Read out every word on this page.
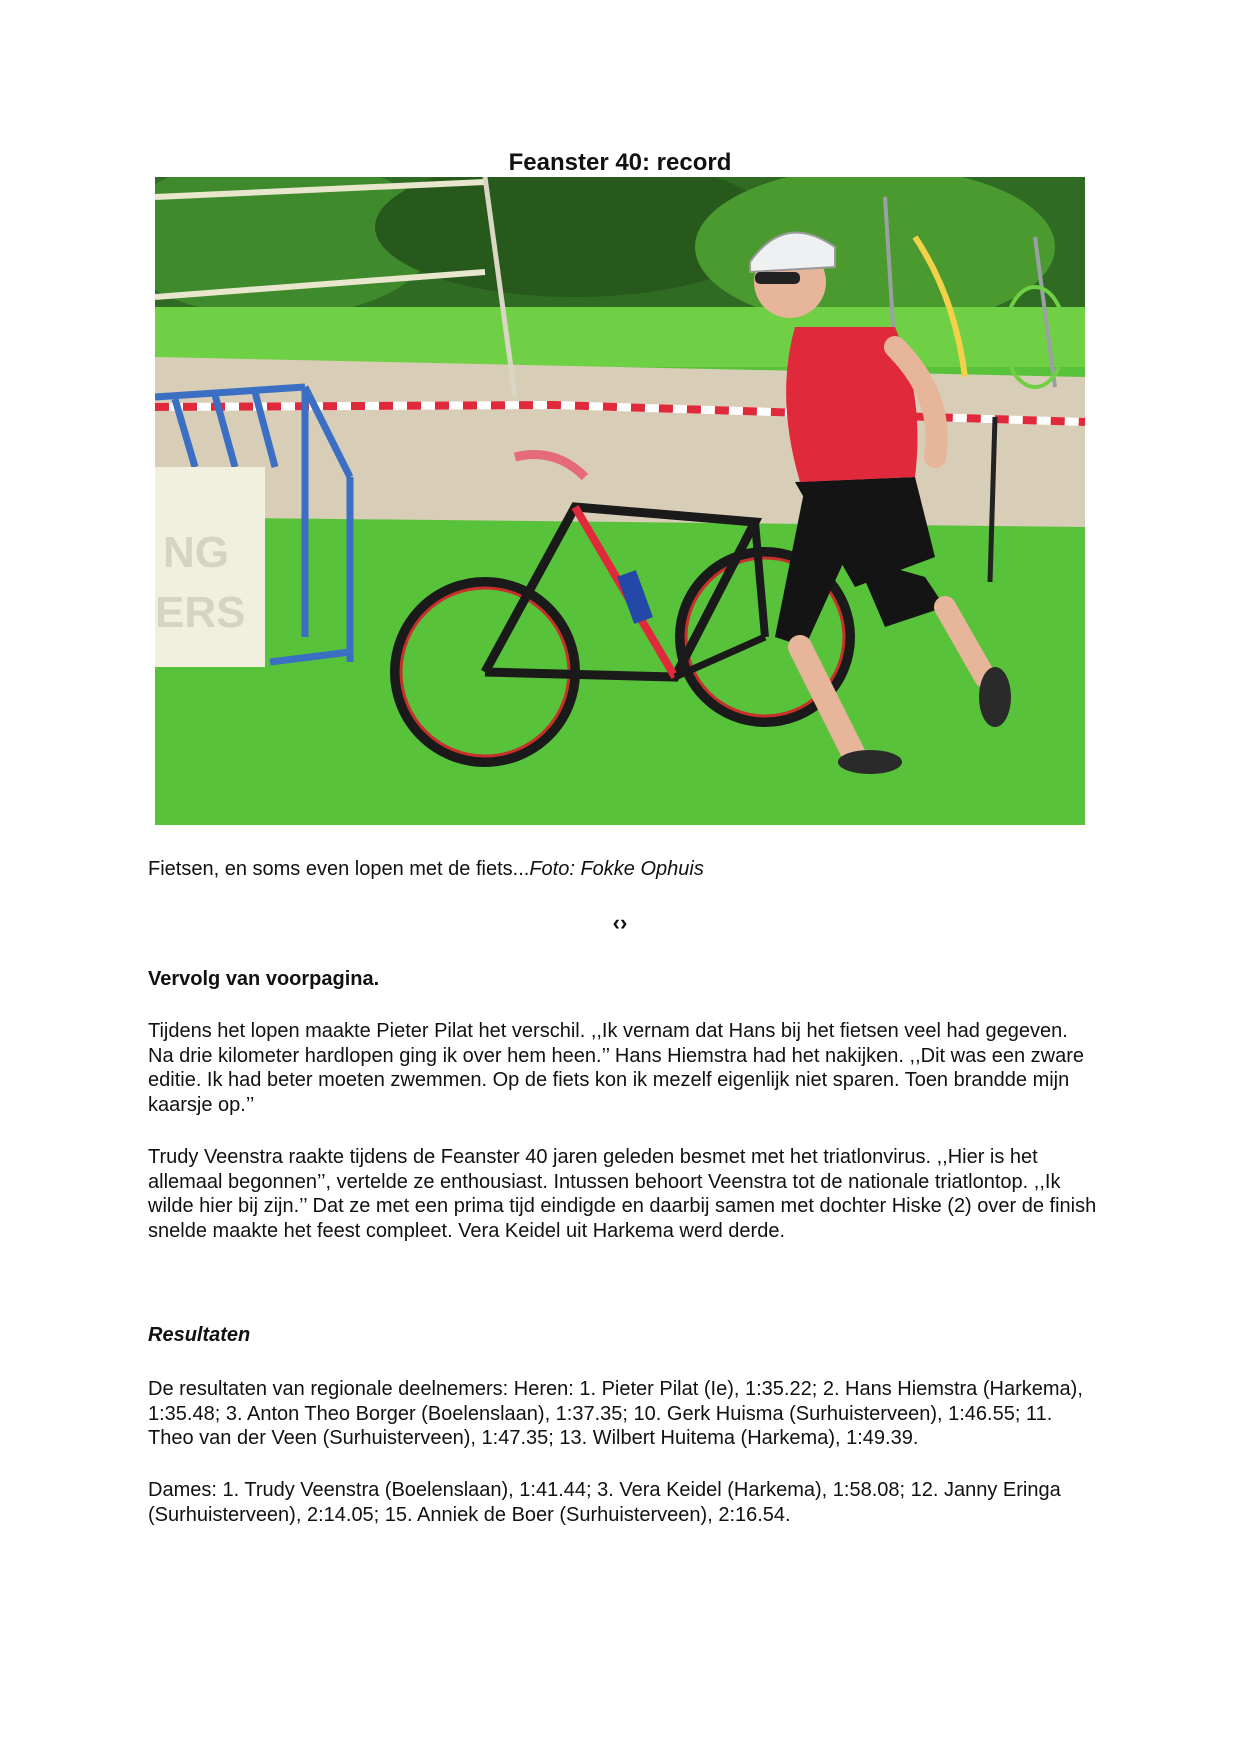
Feanster 40: record
NG
ERS
Fietsen, en soms even lopen met de fiets...Foto: Fokke Ophuis
‹›
Vervolg van voorpagina.
Tijdens het lopen maakte Pieter Pilat het verschil. ,,Ik vernam dat Hans bij het fietsen veel had gegeven. Na drie kilometer hardlopen ging ik over hem heen.’’ Hans Hiemstra had het nakijken. ,,Dit was een zware editie. Ik had beter moeten zwemmen. Op de fiets kon ik mezelf eigenlijk niet sparen. Toen brandde mijn kaarsje op.’’
Trudy Veenstra raakte tijdens de Feanster 40 jaren geleden besmet met het triatlonvirus. ,,Hier is het allemaal begonnen’’, vertelde ze enthousiast. Intussen behoort Veenstra tot de nationale triatlontop. ,,Ik wilde hier bij zijn.’’ Dat ze met een prima tijd eindigde en daarbij samen met dochter Hiske (2) over de finish snelde maakte het feest compleet. Vera Keidel uit Harkema werd derde.
Resultaten
De resultaten van regionale deelnemers: Heren: 1. Pieter Pilat (Ie), 1:35.22; 2. Hans Hiemstra (Harkema), 1:35.48; 3. Anton Theo Borger (Boelenslaan), 1:37.35; 10. Gerk Huisma (Surhuisterveen), 1:46.55; 11. Theo van der Veen (Surhuisterveen), 1:47.35; 13. Wilbert Huitema (Harkema), 1:49.39.
Dames: 1. Trudy Veenstra (Boelenslaan), 1:41.44; 3. Vera Keidel (Harkema), 1:58.08; 12. Janny Eringa (Surhuisterveen), 2:14.05; 15. Anniek de Boer (Surhuisterveen), 2:16.54.
